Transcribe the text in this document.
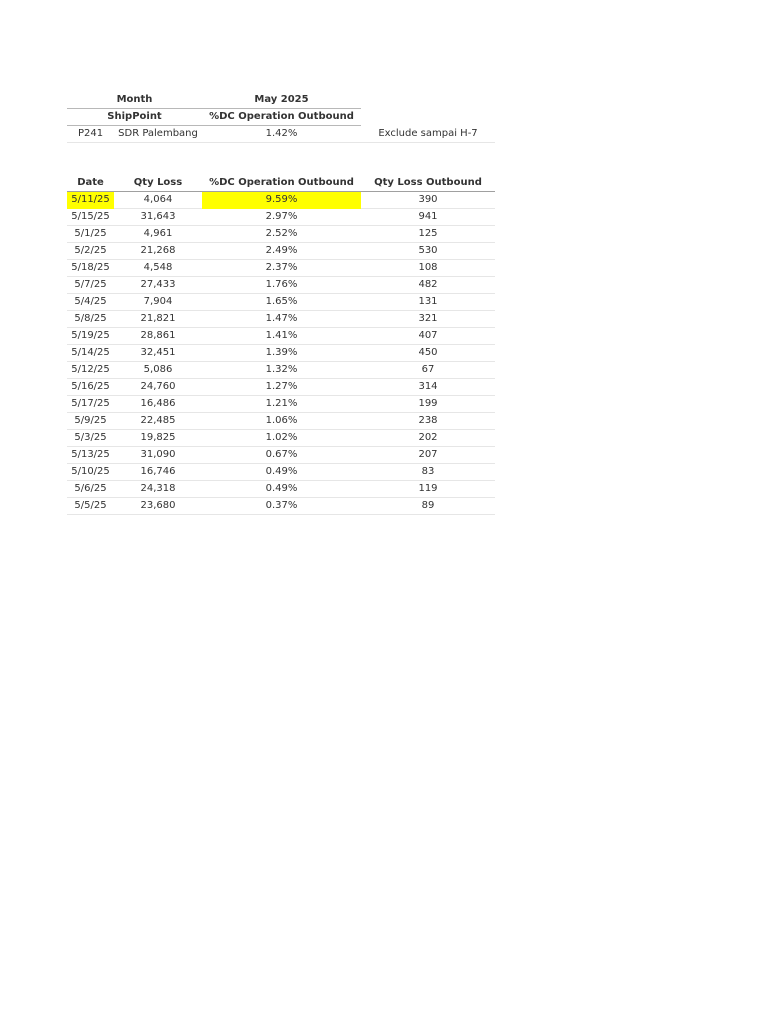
Month		May 2025	
ShipPoint		%DC Operation Outbound	
P241	SDR Palembang	1.42%	Exclude sampai H-7
Date	Qty Loss	%DC Operation Outbound	Qty Loss Outbound
5/11/25	4,064	9.59%	390
5/15/25	31,643	2.97%	941
5/1/25	4,961	2.52%	125
5/2/25	21,268	2.49%	530
5/18/25	4,548	2.37%	108
5/7/25	27,433	1.76%	482
5/4/25	7,904	1.65%	131
5/8/25	21,821	1.47%	321
5/19/25	28,861	1.41%	407
5/14/25	32,451	1.39%	450
5/12/25	5,086	1.32%	67
5/16/25	24,760	1.27%	314
5/17/25	16,486	1.21%	199
5/9/25	22,485	1.06%	238
5/3/25	19,825	1.02%	202
5/13/25	31,090	0.67%	207
5/10/25	16,746	0.49%	83
5/6/25	24,318	0.49%	119
5/5/25	23,680	0.37%	89
